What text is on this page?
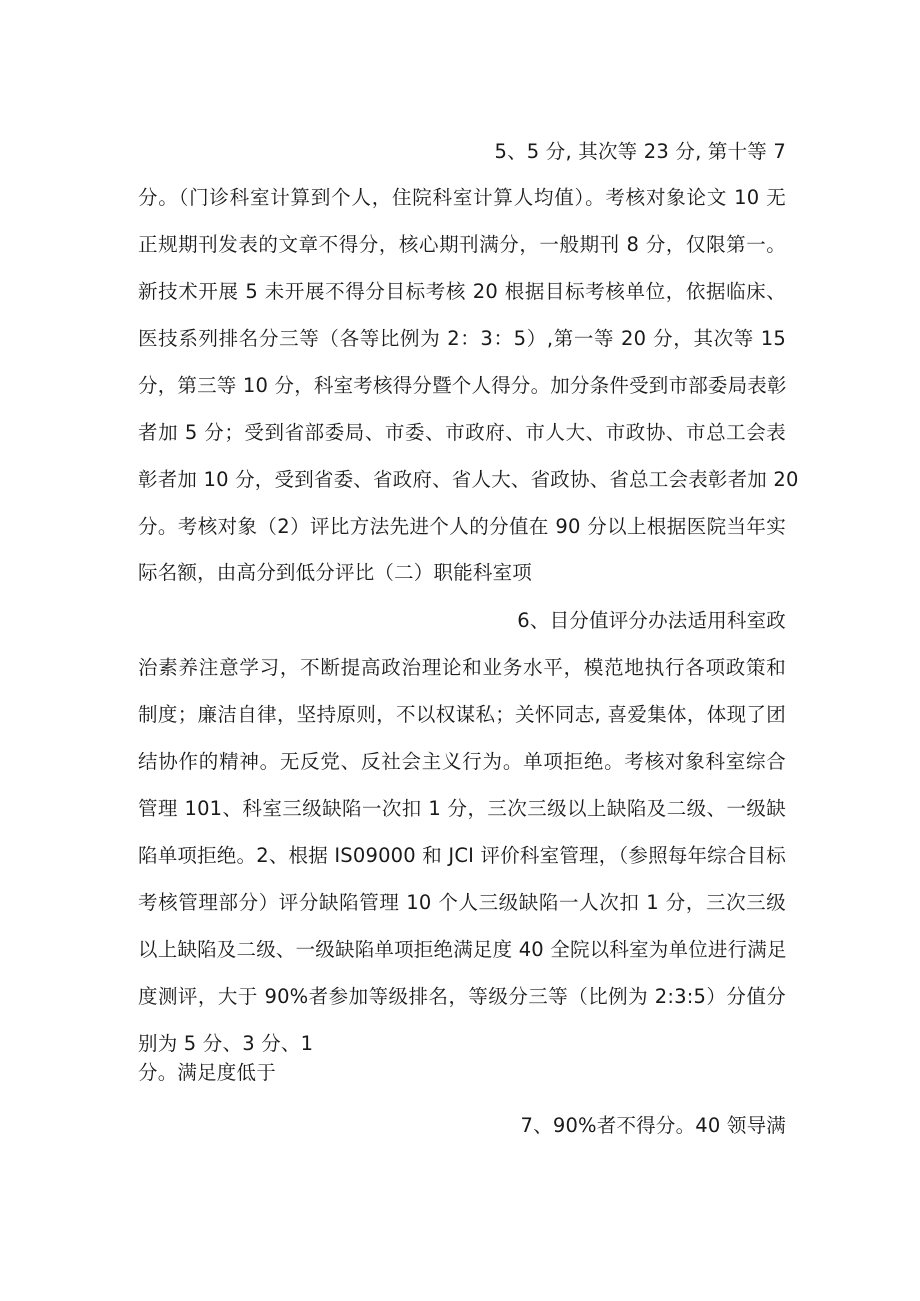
5、5 分, 其次等 23 分, 第十等 7
分。（门诊科室计算到个人，住院科室计算人均值）。考核对象论文 10 无
正规期刊发表的文章不得分，核心期刊满分，一般期刊 8 分，仅限第一。
新技术开展 5 未开展不得分目标考核 20 根据目标考核单位，依据临床、
医技系列排名分三等（各等比例为 2：3：5）,第一等 20 分，其次等 15
分，第三等 10 分，科室考核得分暨个人得分。加分条件受到市部委局表彰
者加 5 分；受到省部委局、市委、市政府、市人大、市政协、市总工会表
彰者加 10 分，受到省委、省政府、省人大、省政协、省总工会表彰者加 20
分。考核对象（2）评比方法先进个人的分值在 90 分以上根据医院当年实
际名额，由高分到低分评比（二）职能科室项
6、目分值评分办法适用科室政
治素养注意学习，不断提高政治理论和业务水平，模范地执行各项政策和
制度；廉洁自律，坚持原则，不以权谋私；关怀同志, 喜爱集体，体现了团
结协作的精神。无反党、反社会主义行为。单项拒绝。考核对象科室综合
管理 101、科室三级缺陷一次扣 1 分，三次三级以上缺陷及二级、一级缺
陷单项拒绝。2、根据 IS09000 和 JCI 评价科室管理，（参照每年综合目标
考核管理部分）评分缺陷管理 10 个人三级缺陷一人次扣 1 分，三次三级
以上缺陷及二级、一级缺陷单项拒绝满足度 40 全院以科室为单位进行满足
度测评，大于 90%者参加等级排名，等级分三等（比例为 2:3:5）分值分
别为 5 分、3 分、1
分。满足度低于
7、90%者不得分。40 领导满
